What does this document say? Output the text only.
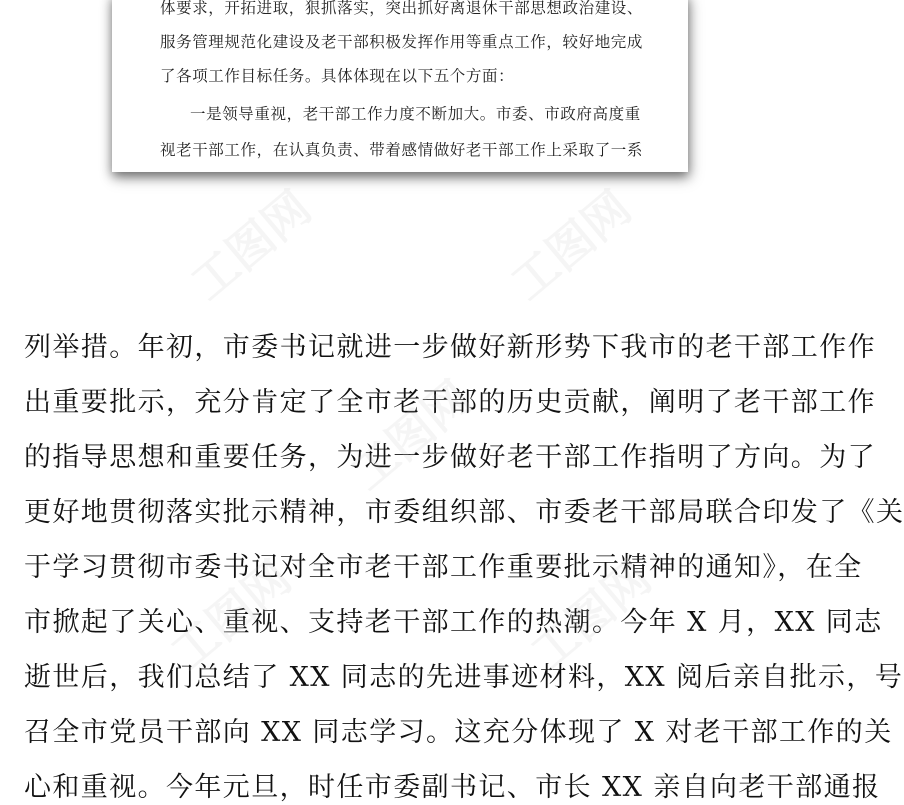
体要求，开拓进取，狠抓落实，突出抓好离退休干部思想政治建设、
服务管理规范化建设及老干部积极发挥作用等重点工作，较好地完成
了各项工作目标任务。具体体现在以下五个方面：
一是领导重视，老干部工作力度不断加大。市委、市政府高度重
视老干部工作，在认真负责、带着感情做好老干部工作上采取了一系
列举措。年初，市委书记就进一步做好新形势下我市的老干部工作作
出重要批示，充分肯定了全市老干部的历史贡献，阐明了老干部工作
的指导思想和重要任务，为进一步做好老干部工作指明了方向。为了
更好地贯彻落实批示精神，市委组织部、市委老干部局联合印发了《关
于学习贯彻市委书记对全市老干部工作重要批示精神的通知》，在全
市掀起了关心、重视、支持老干部工作的热潮。今年 X 月，XX 同志
逝世后，我们总结了 XX 同志的先进事迹材料，XX 阅后亲自批示，号
召全市党员干部向 XX 同志学习。这充分体现了 X 对老干部工作的关
心和重视。今年元旦，时任市委副书记、市长 XX 亲自向老干部通报
工图网	工图网
工图网
工图网	工图网
